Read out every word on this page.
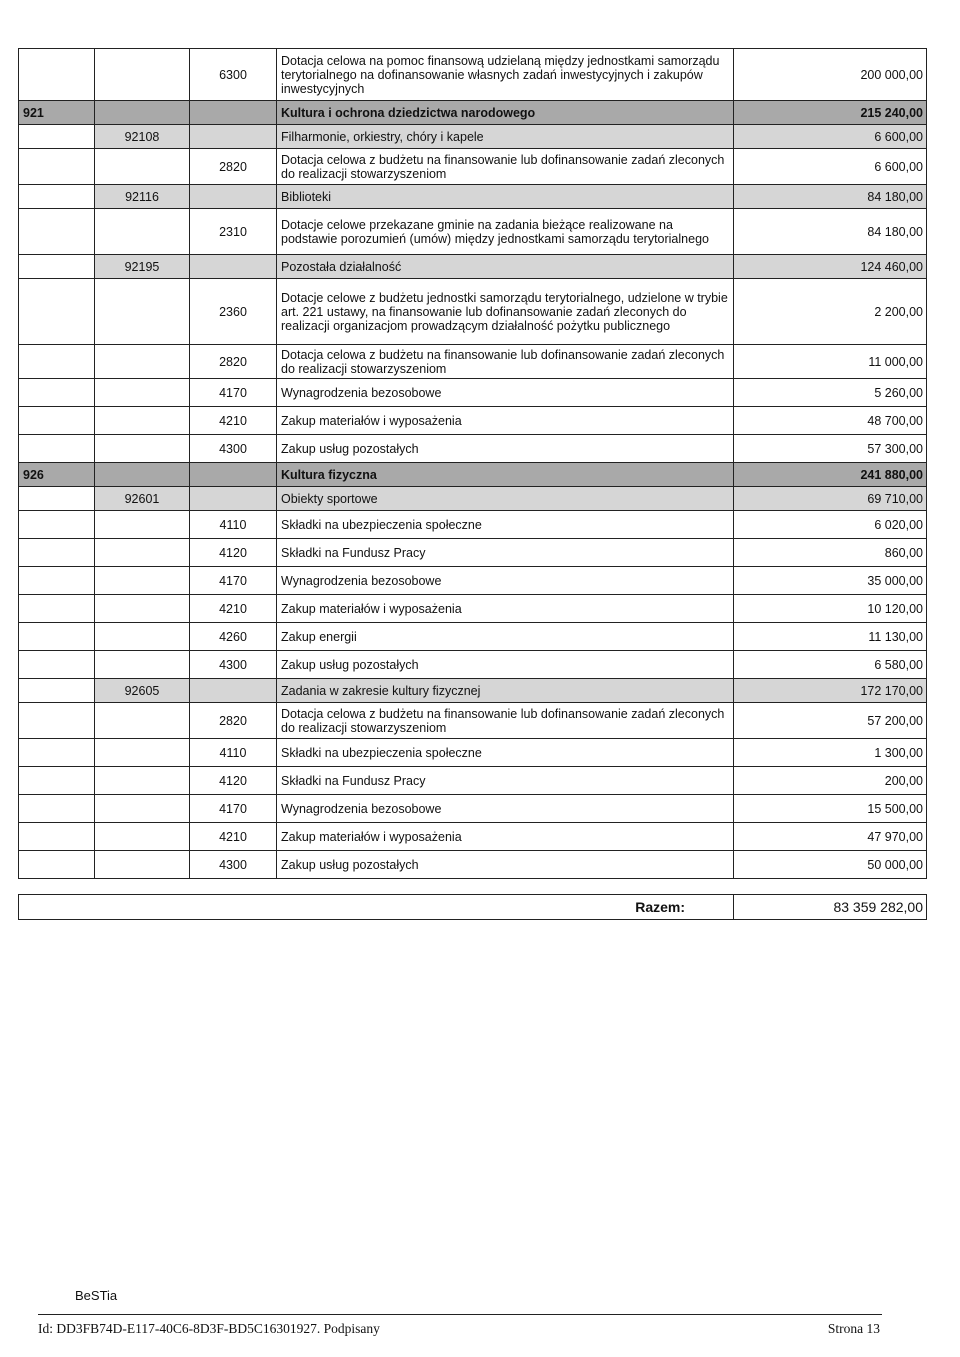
		6300	Dotacja celowa na pomoc finansową udzielaną między jednostkami samorządu terytorialnego na dofinansowanie własnych zadań inwestycyjnych i zakupów inwestycyjnych	200 000,00
921			Kultura i ochrona dziedzictwa narodowego	215 240,00
	92108		Filharmonie, orkiestry, chóry i kapele	6 600,00
		2820	Dotacja celowa z budżetu na finansowanie lub dofinansowanie zadań zleconych do realizacji stowarzyszeniom	6 600,00
	92116		Biblioteki	84 180,00
		2310	Dotacje celowe przekazane gminie na zadania bieżące realizowane na podstawie porozumień (umów) między jednostkami samorządu terytorialnego	84 180,00
	92195		Pozostała działalność	124 460,00
		2360	Dotacje celowe z budżetu jednostki samorządu terytorialnego, udzielone w trybie art. 221 ustawy, na finansowanie lub dofinansowanie zadań zleconych do realizacji organizacjom prowadzącym działalność pożytku publicznego	2 200,00
		2820	Dotacja celowa z budżetu na finansowanie lub dofinansowanie zadań zleconych do realizacji stowarzyszeniom	11 000,00
		4170	Wynagrodzenia bezosobowe	5 260,00
		4210	Zakup materiałów i wyposażenia	48 700,00
		4300	Zakup usług pozostałych	57 300,00
926			Kultura fizyczna	241 880,00
	92601		Obiekty sportowe	69 710,00
		4110	Składki na ubezpieczenia społeczne	6 020,00
		4120	Składki na Fundusz Pracy	860,00
		4170	Wynagrodzenia bezosobowe	35 000,00
		4210	Zakup materiałów i wyposażenia	10 120,00
		4260	Zakup energii	11 130,00
		4300	Zakup usług pozostałych	6 580,00
	92605		Zadania w zakresie kultury fizycznej	172 170,00
		2820	Dotacja celowa z budżetu na finansowanie lub dofinansowanie zadań zleconych do realizacji stowarzyszeniom	57 200,00
		4110	Składki na ubezpieczenia społeczne	1 300,00
		4120	Składki na Fundusz Pracy	200,00
		4170	Wynagrodzenia bezosobowe	15 500,00
		4210	Zakup materiałów i wyposażenia	47 970,00
		4300	Zakup usług pozostałych	50 000,00
Razem:	83 359 282,00
BeSTia
Id: DD3FB74D-E117-40C6-8D3F-BD5C16301927. Podpisany	Strona 13
